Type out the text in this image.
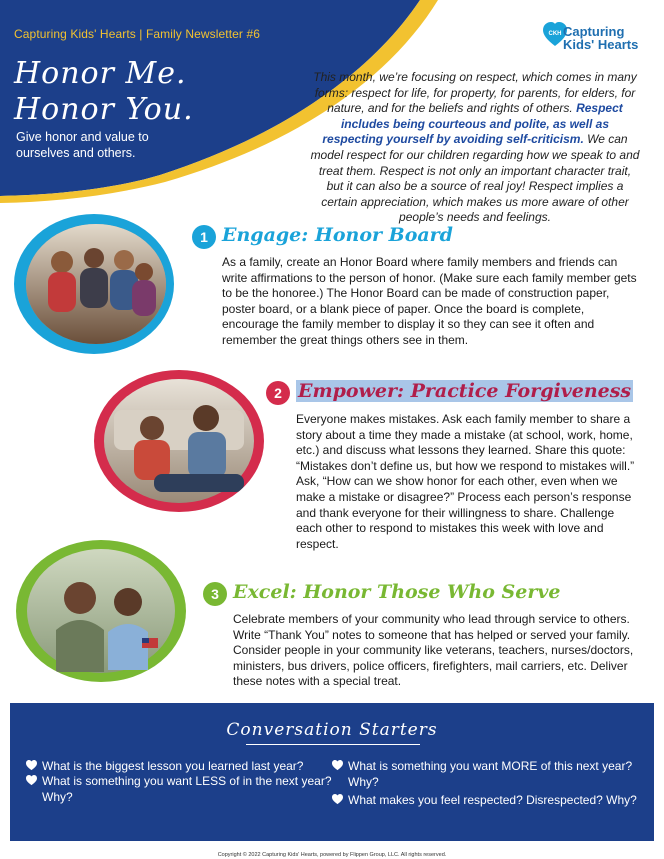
Capturing Kids' Hearts | Family Newsletter #6
Honor Me.
Honor You.
Give honor and value to ourselves and others.
CKH Capturing
Kids' Hearts
This month, we’re focusing on respect, which comes in many forms: respect for life, for property, for parents, for elders, for nature, and for the beliefs and rights of others. Respect includes being courteous and polite, as well as respecting yourself by avoiding self-criticism. We can model respect for our children regarding how we speak to and treat them. Respect is not only an important character trait, but it can also be a source of real joy! Respect implies a certain appreciation, which makes us more aware of other people’s needs and feelings.
1 Engage: Honor Board
As a family, create an Honor Board where family members and friends can write affirmations to the person of honor. (Make sure each family member gets to be the honoree.) The Honor Board can be made of construction paper, poster board, or a blank piece of paper. Once the board is complete, encourage the family member to display it so they can see it often and remember the great things others see in them.
2 Empower: Practice Forgiveness
Everyone makes mistakes. Ask each family member to share a story about a time they made a mistake (at school, work, home, etc.) and discuss what lessons they learned. Share this quote: “Mistakes don’t define us, but how we respond to mistakes will.” Ask, “How can we show honor for each other, even when we make a mistake or disagree?” Process each person’s response and thank everyone for their willingness to share. Challenge each other to respond to mistakes this week with love and respect.
3 Excel: Honor Those Who Serve
Celebrate members of your community who lead through service to others. Write “Thank You” notes to someone that has helped or served your family. Consider people in your community like veterans, teachers, nurses/doctors, ministers, bus drivers, police officers, firefighters, mail carriers, etc. Deliver these notes with a special treat.
Conversation Starters
What is the biggest lesson you learned last year?
What is something you want LESS of in the next year? Why?
What is something you want MORE of this next year? Why?
What makes you feel respected? Disrespected? Why?
Copyright © 2022 Capturing Kids' Hearts, powered by Flippen Group, LLC. All rights reserved.
